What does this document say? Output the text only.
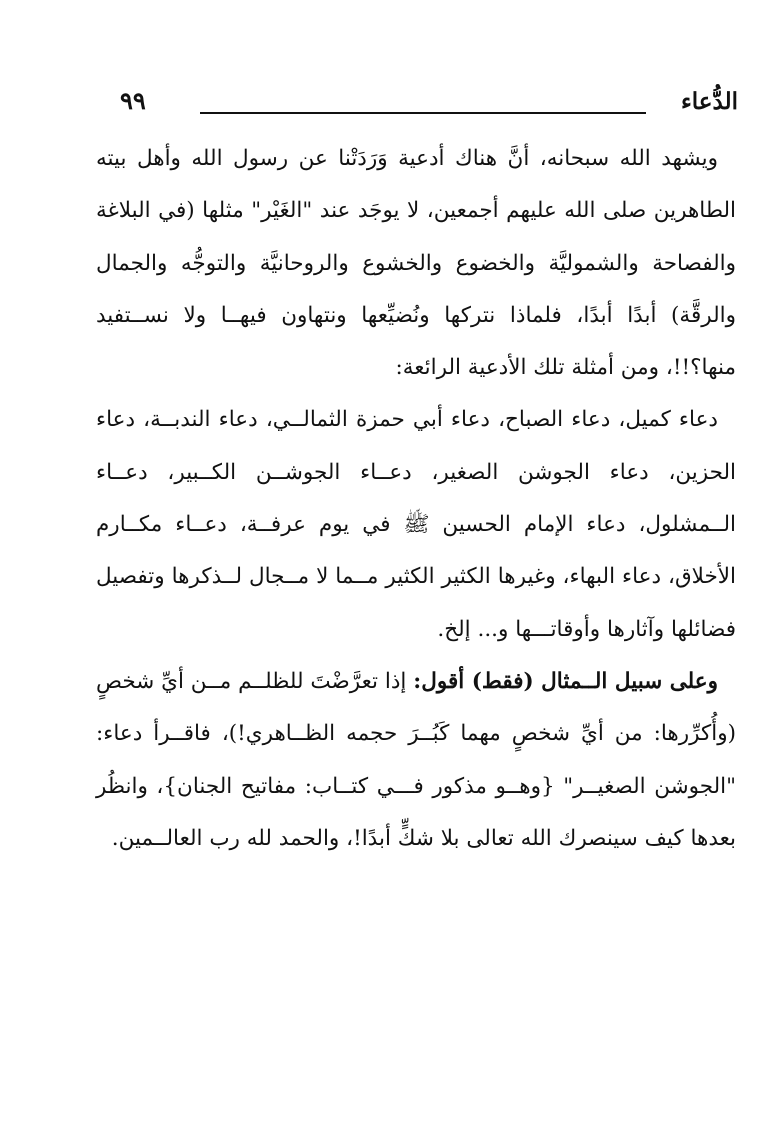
الدُّعاء
٩٩

ويشهد الله سبحانه، أنَّ هناك أدعية وَرَدَتْنا عن رسول الله وأهل بيته الطاهرين صلى الله عليهم أجمعين، لا يوجَد عند "الغَيْر" مثلها (في البلاغة والفصاحة والشموليَّة والخضوع والخشوع والروحانيَّة والتوجُّه والجمال والرقَّة) أبدًا أبدًا، فلماذا نتركها ونُضيِّعها ونتهاون فيهــا ولا نســتفيد منها؟!!، ومن أمثلة تلك الأدعية الرائعة:

دعاء كميل، دعاء الصباح، دعاء أبي حمزة الثمالــي، دعاء الندبــة، دعاء الحزين، دعاء الجوشن الصغير، دعــاء الجوشــن الكــبير، دعــاء الــمشلول، دعاء الإمام الحسين ﷺ في يوم عرفــة، دعــاء مكــارم الأخلاق، دعاء البهاء، وغيرها الكثير الكثير مــما لا مــجال لــذكرها وتفصيل فضائلها وآثارها وأوقاتـــها و... إلخ.

وعلى سبيل الــمثال (فقط) أقول: إذا تعرَّضْتَ للظلــم مــن أيِّ شخصٍ (وأُكرِّرها: من أيِّ شخصٍ مهما كَبُــرَ حجمه الظــاهري!)، فاقــرأ دعاء: "الجوشن الصغيــر" {وهــو مذكور فـــي كتــاب: مفاتيح الجنان}، وانظُر بعدها كيف سينصرك الله تعالى بلا شكٍّ أبدًا!، والحمد لله رب العالــمين.
